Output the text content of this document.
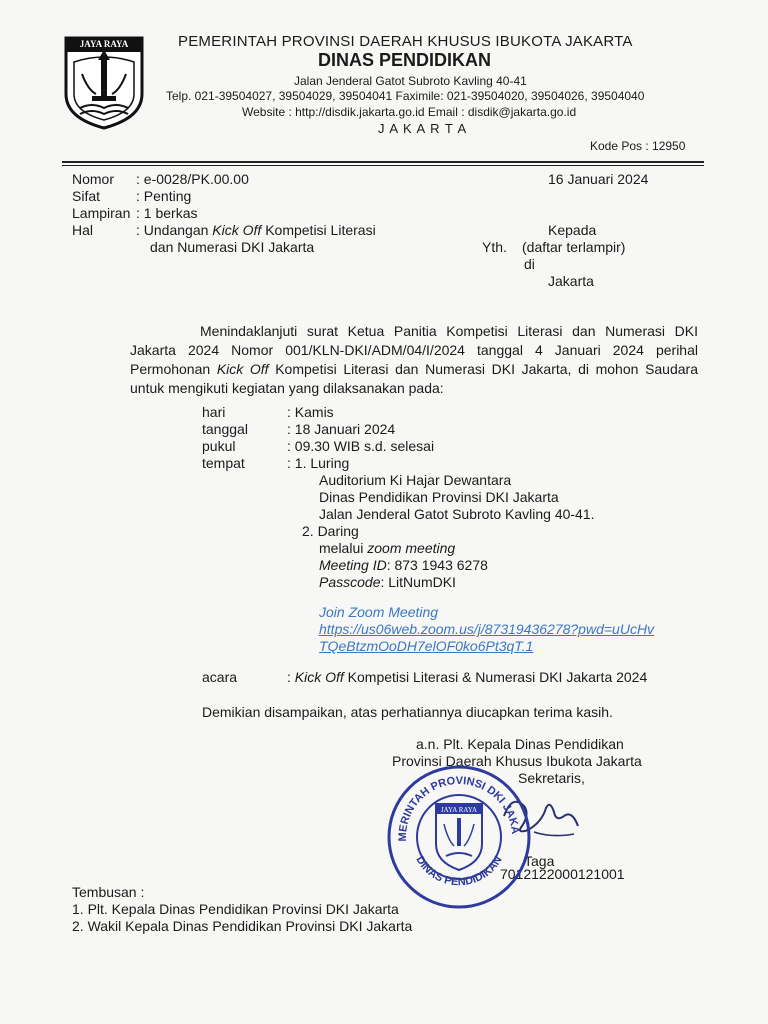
JAYA RAYA	PEMERINTAH PROVINSI DAERAH KHUSUS IBUKOTA JAKARTA
DINAS PENDIDIKAN
Jalan Jenderal Gatot Subroto Kavling 40-41
Telp. 021-39504027, 39504029, 39504041 Faximile: 021-39504020, 39504026, 39504040
Website : http://disdik.jakarta.go.id Email : disdik@jakarta.go.id
J A K A R T A
Kode Pos : 12950
Nomor : e-0028/PK.00.00	16 Januari 2024
Sifat	: Penting
Lampiran : 1 berkas
Hal	: Undangan Kick Off Kompetisi Literasi
dan Numerasi DKI Jakarta
Kepada
Yth. (daftar terlampir)
di
Jakarta
Menindaklanjuti surat Ketua Panitia Kompetisi Literasi dan Numerasi DKI Jakarta 2024 Nomor 001/KLN-DKI/ADM/04/I/2024 tanggal 4 Januari 2024 perihal Permohonan Kick Off Kompetisi Literasi dan Numerasi DKI Jakarta, di mohon Saudara untuk mengikuti kegiatan yang dilaksanakan pada:
hari	: Kamis
tanggal	: 18 Januari 2024
pukul	: 09.30 WIB s.d. selesai
tempat	: 1. Luring
Auditorium Ki Hajar Dewantara
Dinas Pendidikan Provinsi DKI Jakarta
Jalan Jenderal Gatot Subroto Kavling 40-41.
2. Daring
melalui zoom meeting
Meeting ID: 873 1943 6278
Passcode: LitNumDKI
Join Zoom Meeting
https://us06web.zoom.us/j/87319436278?pwd=uUcHv
TQeBtzmOoDH7elOF0ko6Pt3qT.1
acara	: Kick Off Kompetisi Literasi & Numerasi DKI Jakarta 2024
Demikian disampaikan, atas perhatiannya diucapkan terima kasih.
a.n. Plt. Kepala Dinas Pendidikan
Provinsi Daerah Khusus Ibukota Jakarta
Sekretaris,
Taga
7012122000121001
MERINTAH PROVINSI DKI JAKA
DINAS PENDIDIKAN
JAYA RAYA
Tembusan :
1. Plt. Kepala Dinas Pendidikan Provinsi DKI Jakarta
2. Wakil Kepala Dinas Pendidikan Provinsi DKI Jakarta
